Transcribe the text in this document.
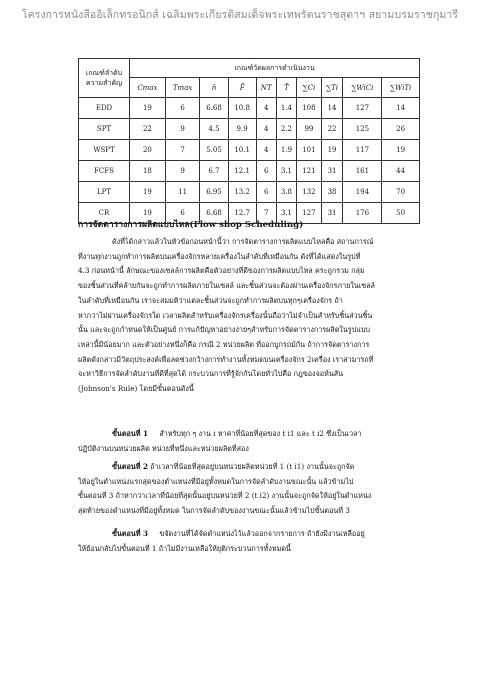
โครงการหนังสืออิเล็กทรอนิกส์ เฉลิมพระเกียรติสมเด็จพระเทพรัตนราชสุดาฯ สยามบรมราชกุมารี
เกณฑ์ลำดับ
ความสำคัญ	เกณฑ์วัดผลการดำเนินงาน									
	Cmax	Tmax	n̄	F̄	NT	T̄	∑Ci	∑Ti	∑WiCi	∑WiTi
EDD	19	6	6.68	10.8	4	1.4	108	14	127	14
SPT	22	9	4.5	9.9	4	2.2	99	22	125	26
WSPT	20	7	5.05	10.1	4	1.9	101	19	117	19
FCFS	18	9	6.7	12.1	6	3.1	121	31	161	44
LPT	19	11	6.95	13.2	6	3.8	132	38	194	70
CR	19	6	6.68	12.7	7	3.1	127	31	176	50
การจัดตารางการผลิตแบบไหล(Flow shop Scheduling)
ดังที่ได้กล่าวแล้วในหัวข้อก่อนหน้านี้ว่า การจัดตารางการผลิตแบบไหลคือ สถานการณ์
ที่งานทุกงานถูกทำการผลิตบนเครื่องจักรหลายเครื่องในลำดับที่เหมือนกัน ดังที่ได้แสดงในรูปที่
4.3 ก่อนหน้านี้ ลักษณะของเซลล์การผลิตคือตัวอย่างที่ดีของการผลิตแบบไหล คระถูกรวม กลุ่ม
ของชิ้นส่วนที่คล้ายกันจะถูกทำการผลิตภายในเซลล์ และชิ้นส่วนจะต้องผ่านเครื่องจักรภายในเซลล์
ในลำดับที่เหมือนกัน เราจะสมมติว่าแต่ละชิ้นส่วนจะถูกทำการผลิตบนทุกๆเครื่องจักร ถ้า
หากว่าไม่ผ่านเครื่องจักรใด เวลาผลิตสำหรับเครื่องจักรเครื่องนั้นถือว่าไม่จำเป็นสำหรับชิ้นส่วนชิ้น
นั้น และจะถูกกำหนดให้เป็นศูนย์ การแก้ปัญหาอย่างง่ายๆสำหรับการจัดตารางการผลิตในรูปแบบ
เหล่านี้มีน้อยมาก และตัวอย่างหนึ่งก็คือ กรณี 2 หน่วยผลิต ที่ออกบูกรถม์กัน ถ้าการจัดตารางการ
ผลิตดังกล่าวมีวัตถุประสงค์เพื่อลดช่วงกว้างการทำงานทั้งหมดบนเครื่องจักร 2เครื่อง เราสามารถที่
จะหาวิธีการจัดลำดับงานที่ดีที่สุดได้ กระบวนการที่รู้จักกันโดยทั่วไปคือ กฎของจอห์นสัน
(Johnson's Rule) โดยมีขั้นตอนดังนี้
ขั้นตอนที่ 1 สำหรับทุก ๆ งาน i หาค่าที่น้อยที่สุดของ t i1 และ t i2 ซึ่งเป็นเวลา
ปฏิบัติงานบนหน่วยผลิต หน่วยที่หนึ่งและหน่วยผลิตที่สอง
ขั้นตอนที่ 2 ถ้าเวลาที่น้อยที่สุดอยู่บนหน่วยผลิตหน่วยที่ 1 (t i1) งานนั้นจะถูกจัด
ให้อยู่ในตำแหน่งแรกสุดของตำแหน่งที่มีอยู่ทั้งหมดในการจัดลำดับงานขณะนั้น แล้วข้ามไป
ขั้นตอนที่ 3 ถ้าหากว่าเวลาที่น้อยที่สุดนั้นอยู่บนหน่วยที่ 2 (t i2) งานนั้นจะถูกจัดให้อยู่ในตำแหน่ง
สุดท้ายของตำแหน่งที่มีอยู่ทั้งหมด ในการจัดลำดับของงานขณะนั้นแล้วข้ามไปขั้นตอนที่ 3
ขั้นตอนที่ 3 ขจัดงานที่ได้จัดตำแหน่งไว้แล้วออกจากรายการ ถ้ายังมีงานเหลืออยู่
ให้ย้อนกลับไปขั้นตอนที่ 1 ถ้าไม่มีงานเหลือให้ยุติกระบวนการทั้งหมดนี้
